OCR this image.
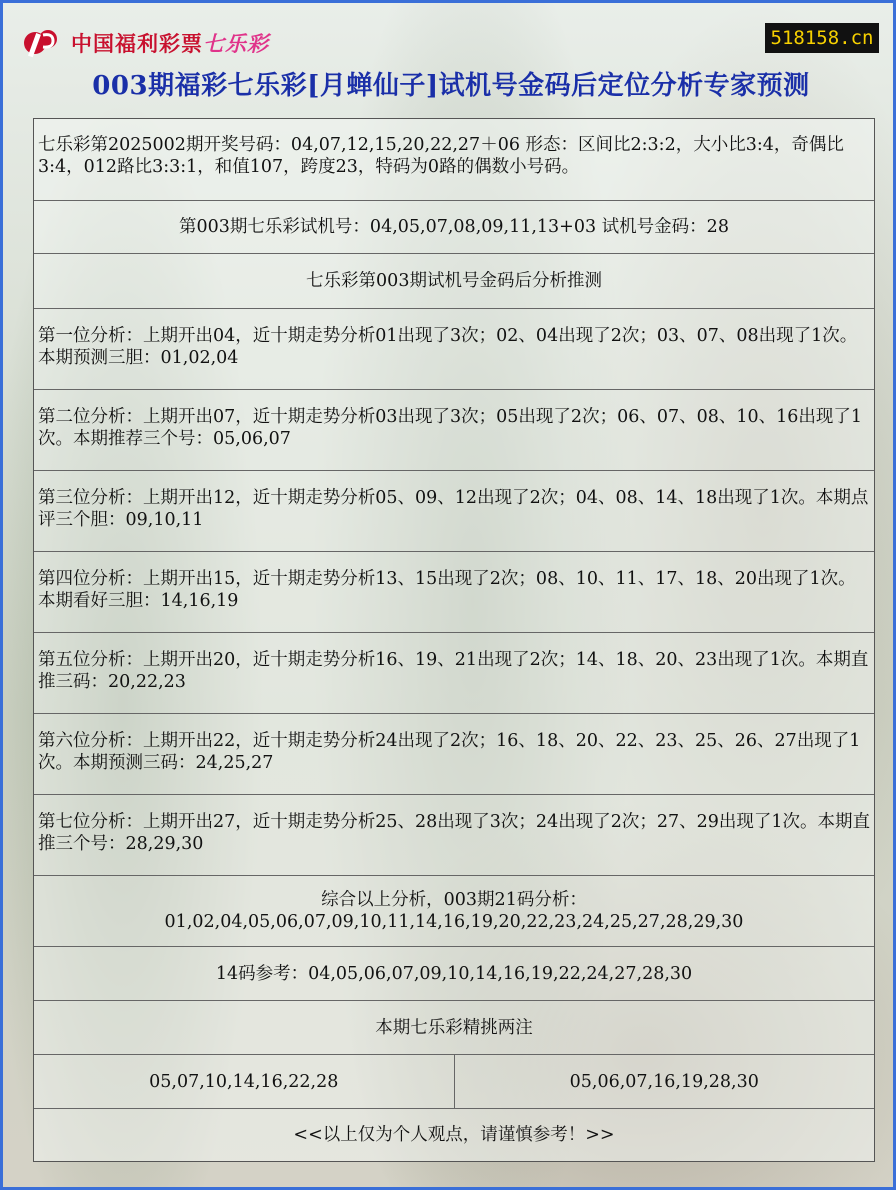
中国福利彩票七乐彩	518158.cn
003期福彩七乐彩[月蝉仙子]试机号金码后定位分析专家预测
七乐彩第2025002期开奖号码：04,07,12,15,20,22,27＋06 形态：区间比2:3:2，大小比3:4，奇偶比3:4，012路比3:3:1，和值107，跨度23，特码为0路的偶数小号码。
第003期七乐彩试机号：04,05,07,08,09,11,13+03 试机号金码：28
七乐彩第003期试机号金码后分析推测
第一位分析：上期开出04，近十期走势分析01出现了3次；02、04出现了2次；03、07、08出现了1次。本期预测三胆：01,02,04
第二位分析：上期开出07，近十期走势分析03出现了3次；05出现了2次；06、07、08、10、16出现了1次。本期推荐三个号：05,06,07
第三位分析：上期开出12，近十期走势分析05、09、12出现了2次；04、08、14、18出现了1次。本期点评三个胆：09,10,11
第四位分析：上期开出15，近十期走势分析13、15出现了2次；08、10、11、17、18、20出现了1次。本期看好三胆：14,16,19
第五位分析：上期开出20，近十期走势分析16、19、21出现了2次；14、18、20、23出现了1次。本期直推三码：20,22,23
第六位分析：上期开出22，近十期走势分析24出现了2次；16、18、20、22、23、25、26、27出现了1次。本期预测三码：24,25,27
第七位分析：上期开出27，近十期走势分析25、28出现了3次；24出现了2次；27、29出现了1次。本期直推三个号：28,29,30
综合以上分析，003期21码分析：
01,02,04,05,06,07,09,10,11,14,16,19,20,22,23,24,25,27,28,29,30
14码参考：04,05,06,07,09,10,14,16,19,22,24,27,28,30
本期七乐彩精挑两注
05,07,10,14,16,22,28	05,06,07,16,19,28,30
<<以上仅为个人观点，请谨慎参考！>>
